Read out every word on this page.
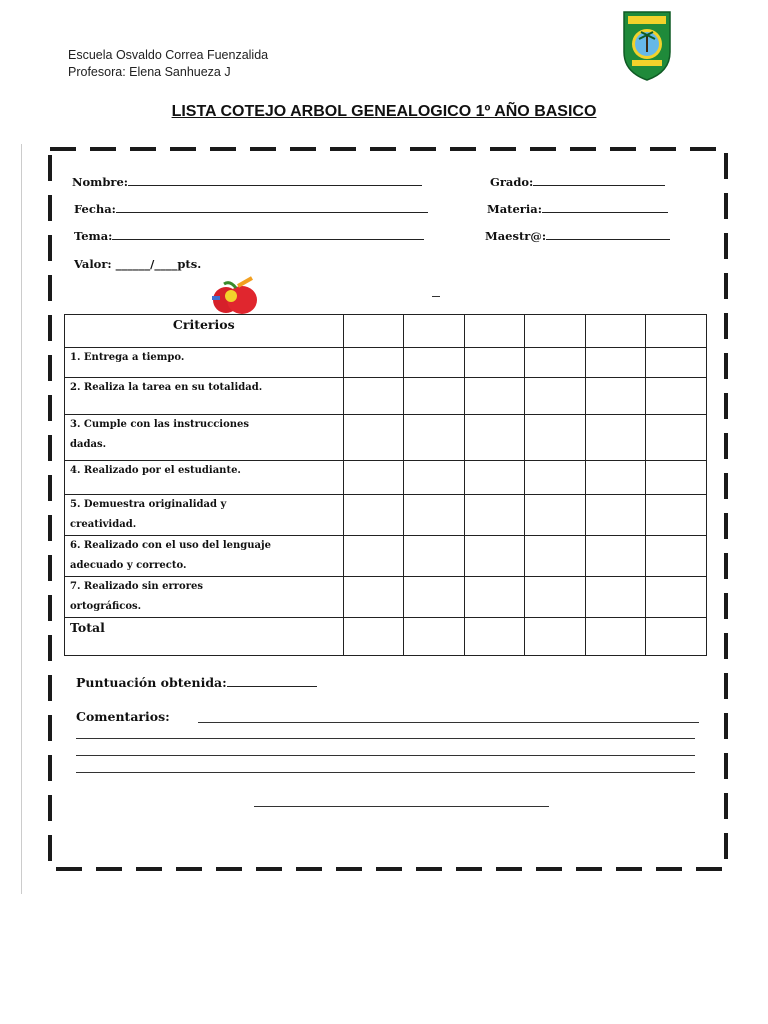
Escuela Osvaldo Correa Fuenzalida
Profesora: Elena Sanhueza J
LISTA COTEJO ARBOL GENEALOGICO 1º AÑO BASICO
Nombre:
Fecha:
Tema:
Grado:
Materia:
Maestr@:
Valor: ______/____pts.
Criterios						
1. Entrega a tiempo.						
2. Realiza la tarea en su totalidad.						
3. Cumple con las instrucciones
dadas.						
4. Realizado por el estudiante.						
5. Demuestra originalidad y
creatividad.						
6. Realizado con el uso del lenguaje
adecuado y correcto.						
7. Realizado sin errores
ortográficos.						
Total						
Puntuación obtenida:
Comentarios:
